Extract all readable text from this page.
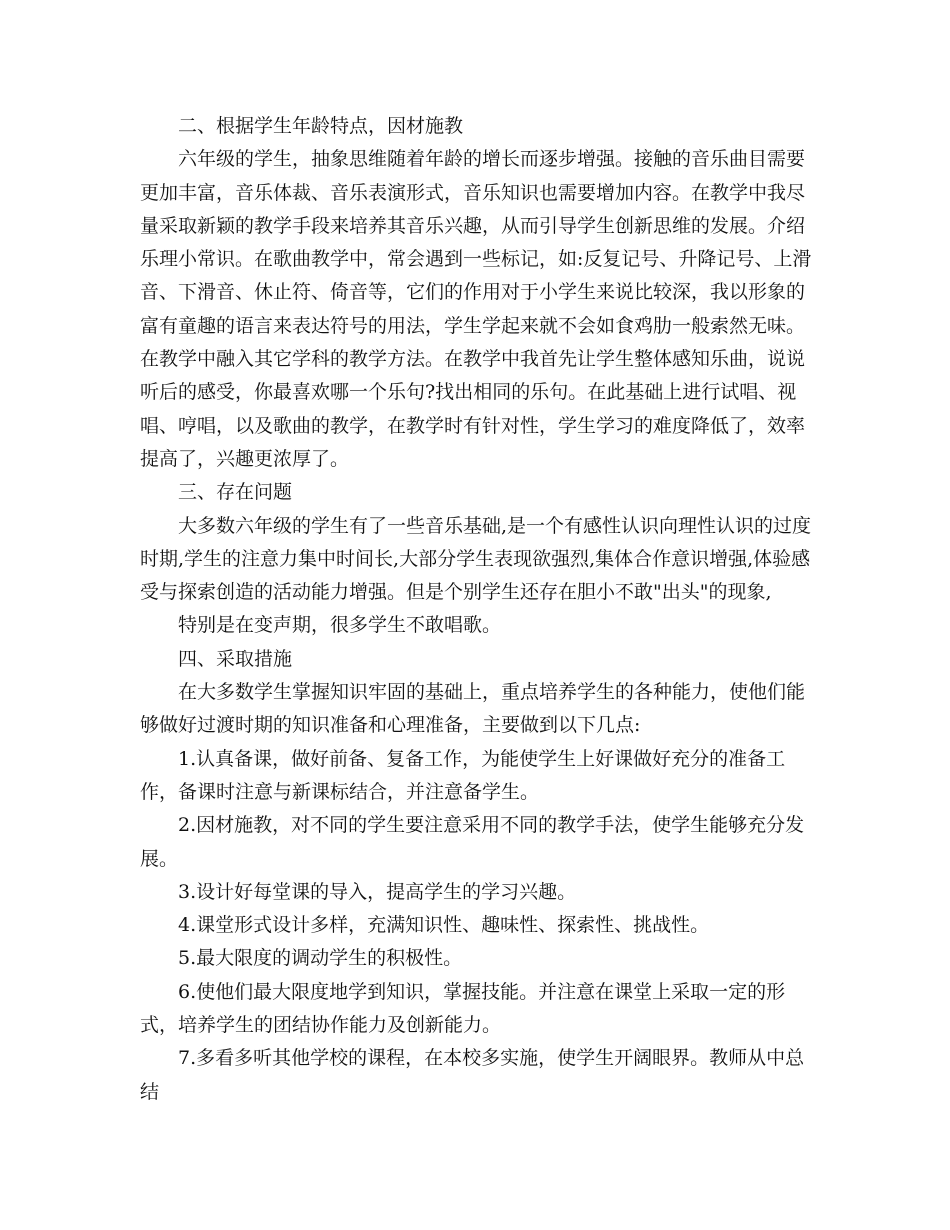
二、根据学生年龄特点，因材施教

六年级的学生，抽象思维随着年龄的增长而逐步增强。接触的音乐曲目需要更加丰富，音乐体裁、音乐表演形式，音乐知识也需要增加内容。在教学中我尽量采取新颖的教学手段来培养其音乐兴趣，从而引导学生创新思维的发展。介绍乐理小常识。在歌曲教学中，常会遇到一些标记，如:反复记号、升降记号、上滑音、下滑音、休止符、倚音等，它们的作用对于小学生来说比较深，我以形象的富有童趣的语言来表达符号的用法，学生学起来就不会如食鸡肋一般索然无味。在教学中融入其它学科的教学方法。在教学中我首先让学生整体感知乐曲，说说听后的感受，你最喜欢哪一个乐句?找出相同的乐句。在此基础上进行试唱、视唱、哼唱，以及歌曲的教学，在教学时有针对性，学生学习的难度降低了，效率提高了，兴趣更浓厚了。

三、存在问题

大多数六年级的学生有了一些音乐基础,是一个有感性认识向理性认识的过度时期,学生的注意力集中时间长,大部分学生表现欲强烈,集体合作意识增强,体验感受与探索创造的活动能力增强。但是个别学生还存在胆小不敢"出头"的现象,

特别是在变声期，很多学生不敢唱歌。

四、采取措施

在大多数学生掌握知识牢固的基础上，重点培养学生的各种能力，使他们能够做好过渡时期的知识准备和心理准备，主要做到以下几点:

1.认真备课，做好前备、复备工作，为能使学生上好课做好充分的准备工作，备课时注意与新课标结合，并注意备学生。

2.因材施教，对不同的学生要注意采用不同的教学手法，使学生能够充分发展。

3.设计好每堂课的导入，提高学生的学习兴趣。

4.课堂形式设计多样，充满知识性、趣味性、探索性、挑战性。

5.最大限度的调动学生的积极性。

6.使他们最大限度地学到知识，掌握技能。并注意在课堂上采取一定的形式，培养学生的团结协作能力及创新能力。

7.多看多听其他学校的课程，在本校多实施，使学生开阔眼界。教师从中总结
